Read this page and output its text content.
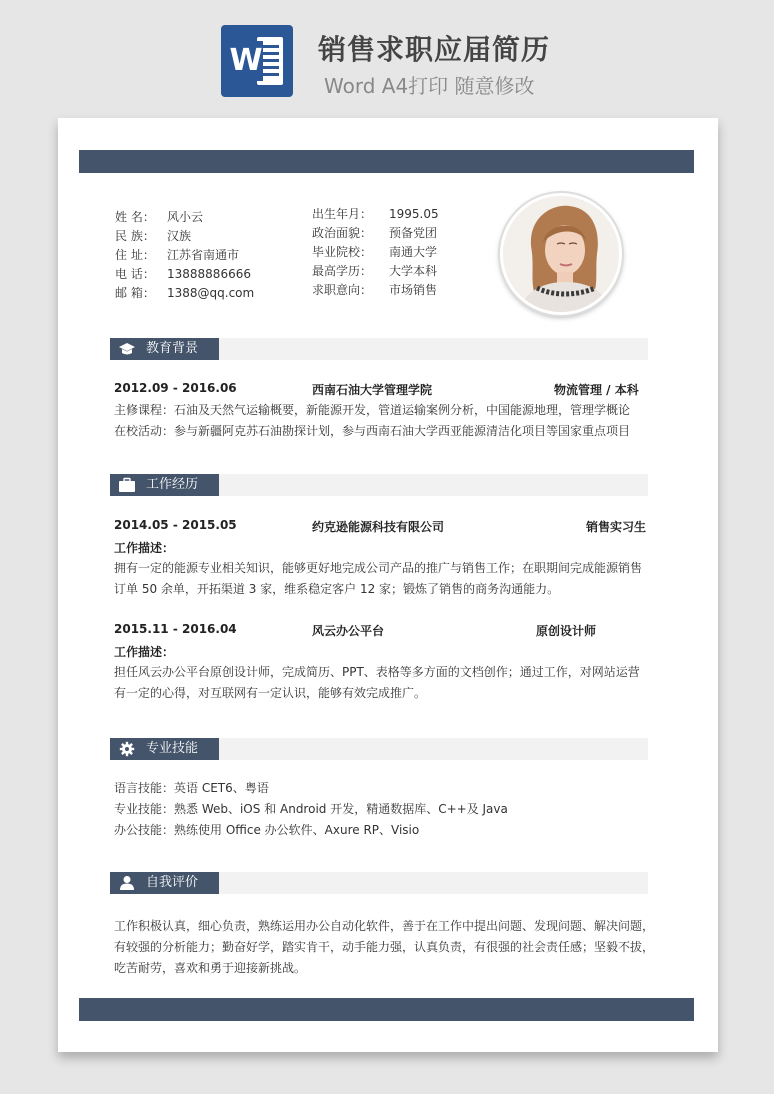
W 销售求职应届简历
Word A4打印 随意修改
姓 名：	风小云
民 族：	汉族
住 址：	江苏省南通市
电 话：	13888886666
邮 箱：	1388@qq.com
出生年月：	1995.05
政治面貌：	预备党团
毕业院校：	南通大学
最高学历：	大学本科
求职意向：	市场销售
教育背景
2012.09 - 2016.06	西南石油大学管理学院	物流管理 / 本科
主修课程：石油及天然气运输概要，新能源开发，管道运输案例分析，中国能源地理，管理学概论
在校活动：参与新疆阿克苏石油勘探计划，参与西南石油大学西亚能源清洁化项目等国家重点项目
工作经历
2014.05 - 2015.05	约克逊能源科技有限公司	销售实习生
工作描述：
拥有一定的能源专业相关知识，能够更好地完成公司产品的推广与销售工作；在职期间完成能源销售
订单 50 余单，开拓渠道 3 家，维系稳定客户 12 家；锻炼了销售的商务沟通能力。
2015.11 - 2016.04	风云办公平台	原创设计师
工作描述：
担任风云办公平台原创设计师，完成简历、PPT、表格等多方面的文档创作；通过工作，对网站运营
有一定的心得，对互联网有一定认识，能够有效完成推广。
专业技能
语言技能：英语 CET6、粤语
专业技能：熟悉 Web、iOS 和 Android 开发，精通数据库、C++及 Java
办公技能：熟练使用 Office 办公软件、Axure RP、Visio
自我评价
工作积极认真，细心负责，熟练运用办公自动化软件，善于在工作中提出问题、发现问题、解决问题，
有较强的分析能力；勤奋好学，踏实肯干，动手能力强，认真负责，有很强的社会责任感；坚毅不拔，
吃苦耐劳，喜欢和勇于迎接新挑战。
